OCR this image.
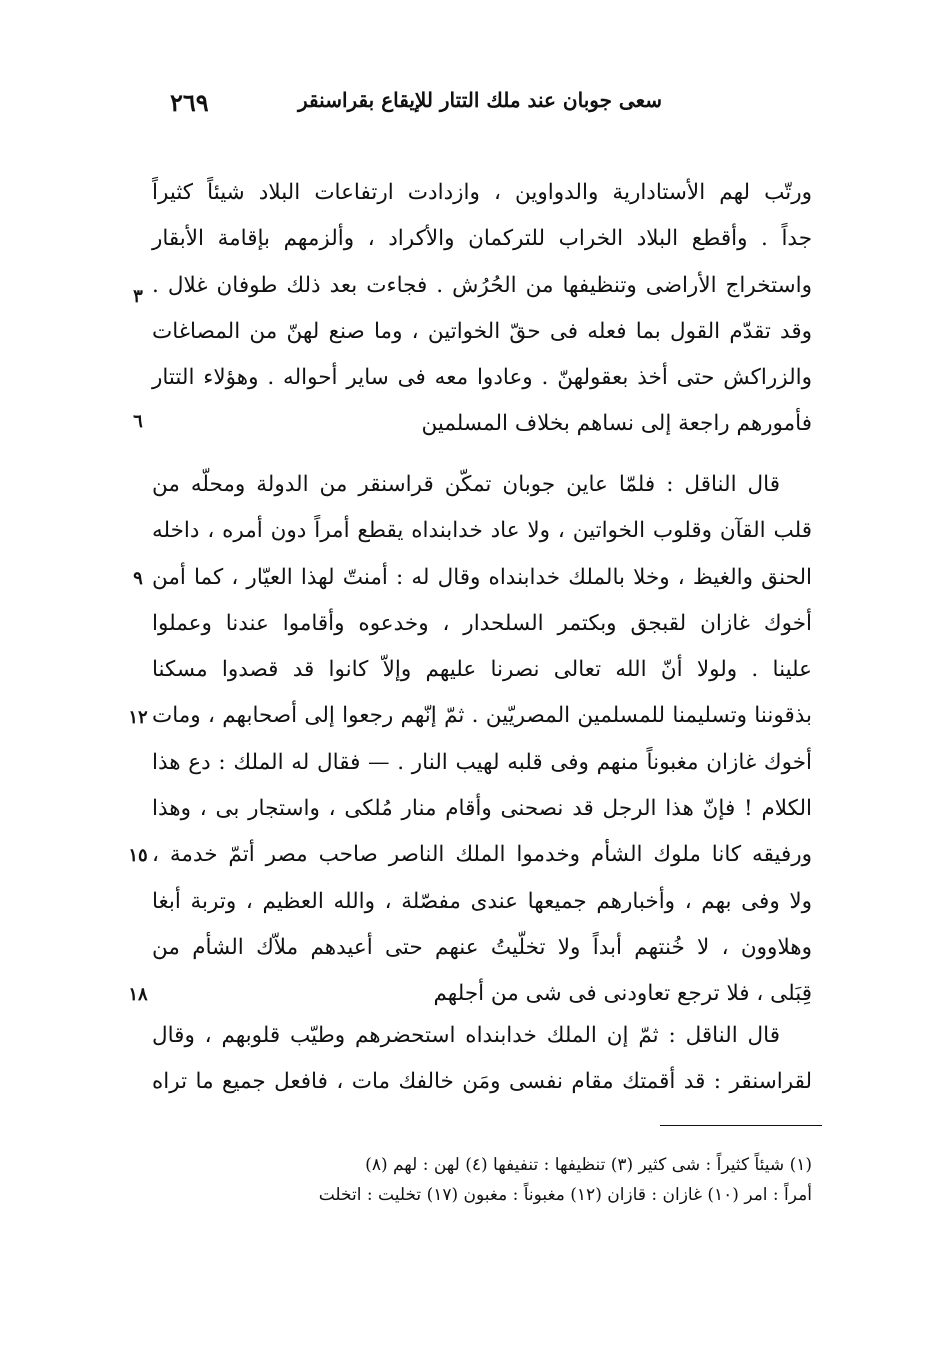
سعى جوبان عند ملك التتار للإيقاع بقراسنقر
٢٦٩
ورتّب لهم الأستادارية والدواوين ، وازدادت ارتفاعات البلاد شيئاً كثيراً
جداً . وأقطع البلاد الخراب للتركمان والأكراد ، وألزمهم بإقامة الأبقار
واستخراج الأراضى وتنظيفها من الحُرُش . فجاءت بعد ذلك طوفان غلال .
وقد تقدّم القول بما فعله فى حقّ الخواتين ، وما صنع لهنّ من المصاغات
والزراكش حتى أخذ بعقولهنّ . وعادوا معه فى ساير أحواله . وهؤلاء التتار
فأمورهم راجعة إلى نساهم بخلاف المسلمين
قال الناقل : فلمّا عاين جوبان تمكّن قراسنقر من الدولة ومحلّه من
قلب القآن وقلوب الخواتين ، ولا عاد خدابنداه يقطع أمراً دون أمره ، داخله
الحنق والغيظ ، وخلا بالملك خدابنداه وقال له : أمنتّ لهذا العيّار ، كما أمن
أخوك غازان لقبجق وبكتمر السلحدار ، وخدعوه وأقاموا عندنا وعملوا
علينا . ولولا أنّ الله تعالى نصرنا عليهم وإلاّ كانوا قد قصدوا مسكنا
بذقوننا وتسليمنا للمسلمين المصريّين . ثمّ إنّهم رجعوا إلى أصحابهم ، ومات
أخوك غازان مغبوناً منهم وفى قلبه لهيب النار . — فقال له الملك : دع هذا
الكلام ! فإنّ هذا الرجل قد نصحنى وأقام منار مُلكى ، واستجار بى ، وهذا
ورفيقه كانا ملوك الشأم وخدموا الملك الناصر صاحب مصر أتمّ خدمة ،
ولا وفى بهم ، وأخبارهم جميعها عندى مفصّلة ، والله العظيم ، وتربة أبغا
وهلاوون ، لا خُنتهم أبداً ولا تخلّيتُ عنهم حتى أعيدهم ملاّك الشأم من
قِبَلى ، فلا ترجع تعاودنى فى شى من أجلهم
قال الناقل : ثمّ إن الملك خدابنداه استحضرهم وطيّب قلوبهم ، وقال
لقراسنقر : قد أقمتك مقام نفسى ومَن خالفك مات ، فافعل جميع ما تراه
٣
٦
٩
١٢
١٥
١٨
(١) شيئاً كثيراً : شى كثير (٣) تنظيفها : تنفيفها (٤) لهن : لهم (٨)
أمراً : امر (١٠) غازان : قازان (١٢) مغبوناً : مغبون (١٧) تخليت : اتخلت
